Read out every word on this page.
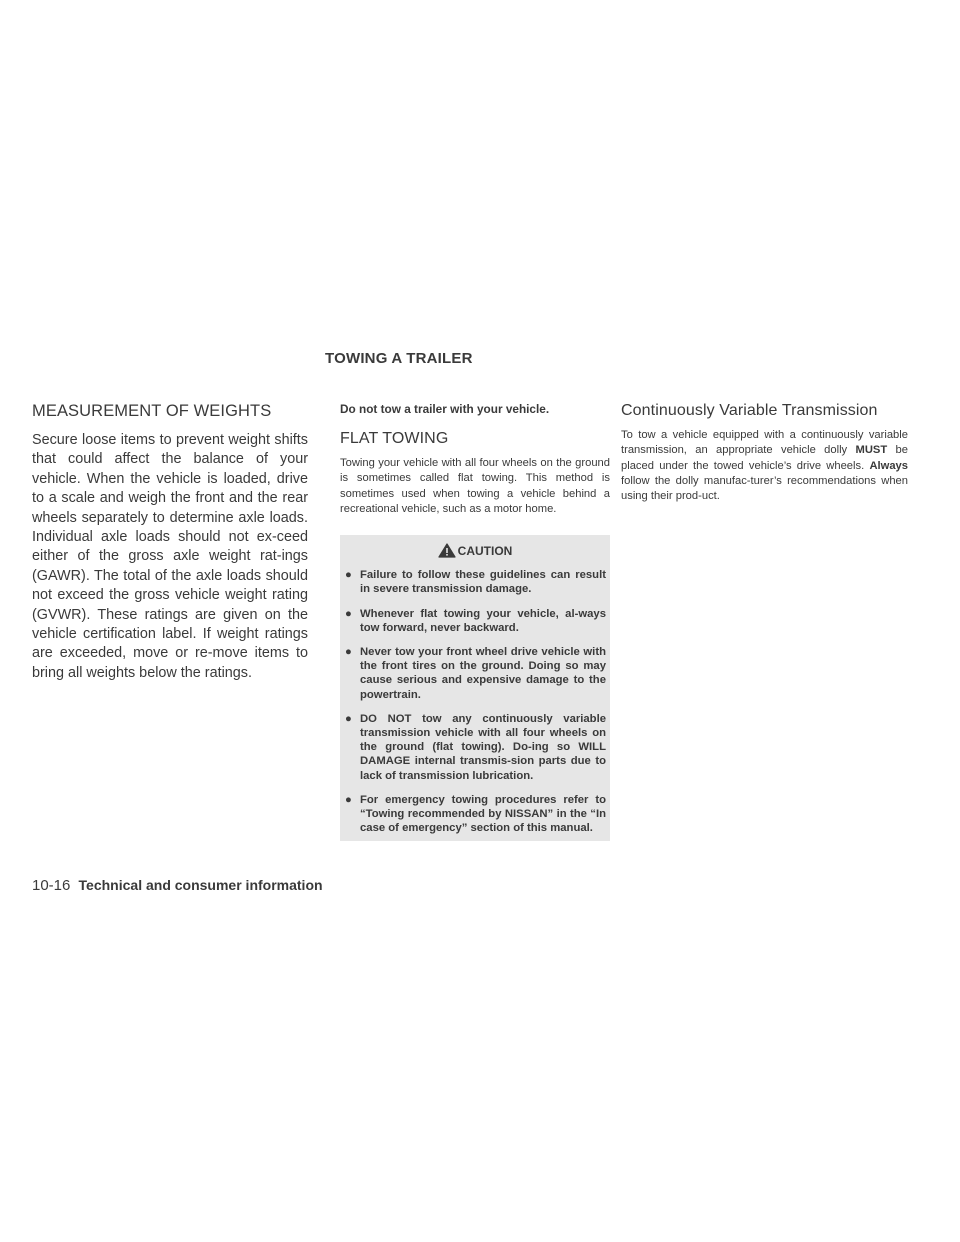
TOWING A TRAILER
MEASUREMENT OF WEIGHTS

Secure loose items to prevent weight shifts that could affect the balance of your vehicle. When the vehicle is loaded, drive to a scale and weigh the front and the rear wheels separately to determine axle loads. Individual axle loads should not ex-ceed either of the gross axle weight rat-ings (GAWR). The total of the axle loads should not exceed the gross vehicle weight rating (GVWR). These ratings are given on the vehicle certification label. If weight ratings are exceeded, move or re-move items to bring all weights below the ratings.

Do not tow a trailer with your vehicle.

FLAT TOWING

Towing your vehicle with all four wheels on the ground is sometimes called flat towing. This method is sometimes used when towing a vehicle behind a recreational vehicle, such as a motor home.

CAUTION
● Failure to follow these guidelines can result in severe transmission damage.
● Whenever flat towing your vehicle, al-ways tow forward, never backward.
● Never tow your front wheel drive vehicle with the front tires on the ground. Doing so may cause serious and expensive damage to the powertrain.
● DO NOT tow any continuously variable transmission vehicle with all four wheels on the ground (flat towing). Do-ing so WILL DAMAGE internal transmis-sion parts due to lack of transmission lubrication.
● For emergency towing procedures refer to “Towing recommended by NISSAN” in the “In case of emergency” section of this manual.
Continuously Variable Transmission

To tow a vehicle equipped with a continuously variable transmission, an appropriate vehicle dolly MUST be placed under the towed vehicle’s drive wheels. Always follow the dolly manufac-turer’s recommendations when using their prod-uct.

10-16 Technical and consumer information
